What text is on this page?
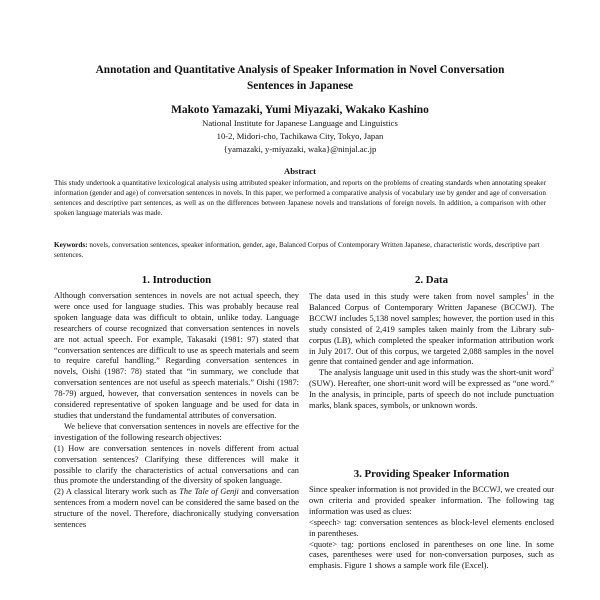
Annotation and Quantitative Analysis of Speaker Information in Novel Conversation
Sentences in Japanese
Makoto Yamazaki, Yumi Miyazaki, Wakako Kashino
National Institute for Japanese Language and Linguistics
10-2, Midori-cho, Tachikawa City, Tokyo, Japan
{yamazaki, y-miyazaki, waka}@ninjal.ac.jp
Abstract
This study undertook a quantitative lexicological analysis using attributed speaker information, and reports on the problems of creating standards when annotating speaker information (gender and age) of conversation sentences in novels. In this paper, we performed a comparative analysis of vocabulary use by gender and age of conversation sentences and descriptive part sentences, as well as on the differences between Japanese novels and translations of foreign novels. In addition, a comparison with other spoken language materials was made.
Keywords: novels, conversation sentences, speaker information, gender, age, Balanced Corpus of Contemporary Written Japanese, characteristic words, descriptive part sentences.
1. Introduction

Although conversation sentences in novels are not actual speech, they were once used for language studies. This was probably because real spoken language data was difficult to obtain, unlike today. Language researchers of course recognized that conversation sentences in novels are not actual speech. For example, Takasaki (1981: 97) stated that “conversation sentences are difficult to use as speech materials and seem to require careful handling.” Regarding conversation sentences in novels, Oishi (1987: 78) stated that “in summary, we conclude that conversation sentences are not useful as speech materials.” Oishi (1987: 78-79) argued, however, that conversation sentences in novels can be considered representative of spoken language and be used for data in studies that understand the fundamental attributes of conversation.

We believe that conversation sentences in novels are effective for the investigation of the following research objectives:

(1) How are conversation sentences in novels different from actual conversation sentences? Clarifying these differences will make it possible to clarify the characteristics of actual conversations and can thus promote the understanding of the diversity of spoken language.

(2) A classical literary work such as The Tale of Genji and conversation sentences from a modern novel can be considered the same based on the structure of the novel. Therefore, diachronically studying conversation sentences

2. Data

The data used in this study were taken from novel samples$^1$ in the Balanced Corpus of Contemporary Written Japanese (BCCWJ). The BCCWJ includes 5,138 novel samples; however, the portion used in this study consisted of 2,419 samples taken mainly from the Library sub-corpus (LB), which completed the speaker information attribution work in July 2017. Out of this corpus, we targeted 2,088 samples in the novel genre that contained gender and age information.

The analysis language unit used in this study was the short-unit word$^2$ (SUW). Hereafter, one short-unit word will be expressed as “one word.” In the analysis, in principle, parts of speech do not include punctuation marks, blank spaces, symbols, or unknown words.

3. Providing Speaker Information

Since speaker information is not provided in the BCCWJ, we created our own criteria and provided speaker information. The following tag information was used as clues:

<speech> tag: conversation sentences as block-level elements enclosed in parentheses.

<quote> tag: portions enclosed in parentheses on one line. In some cases, parentheses were used for non-conversation purposes, such as emphasis. Figure 1 shows a sample work file (Excel).
